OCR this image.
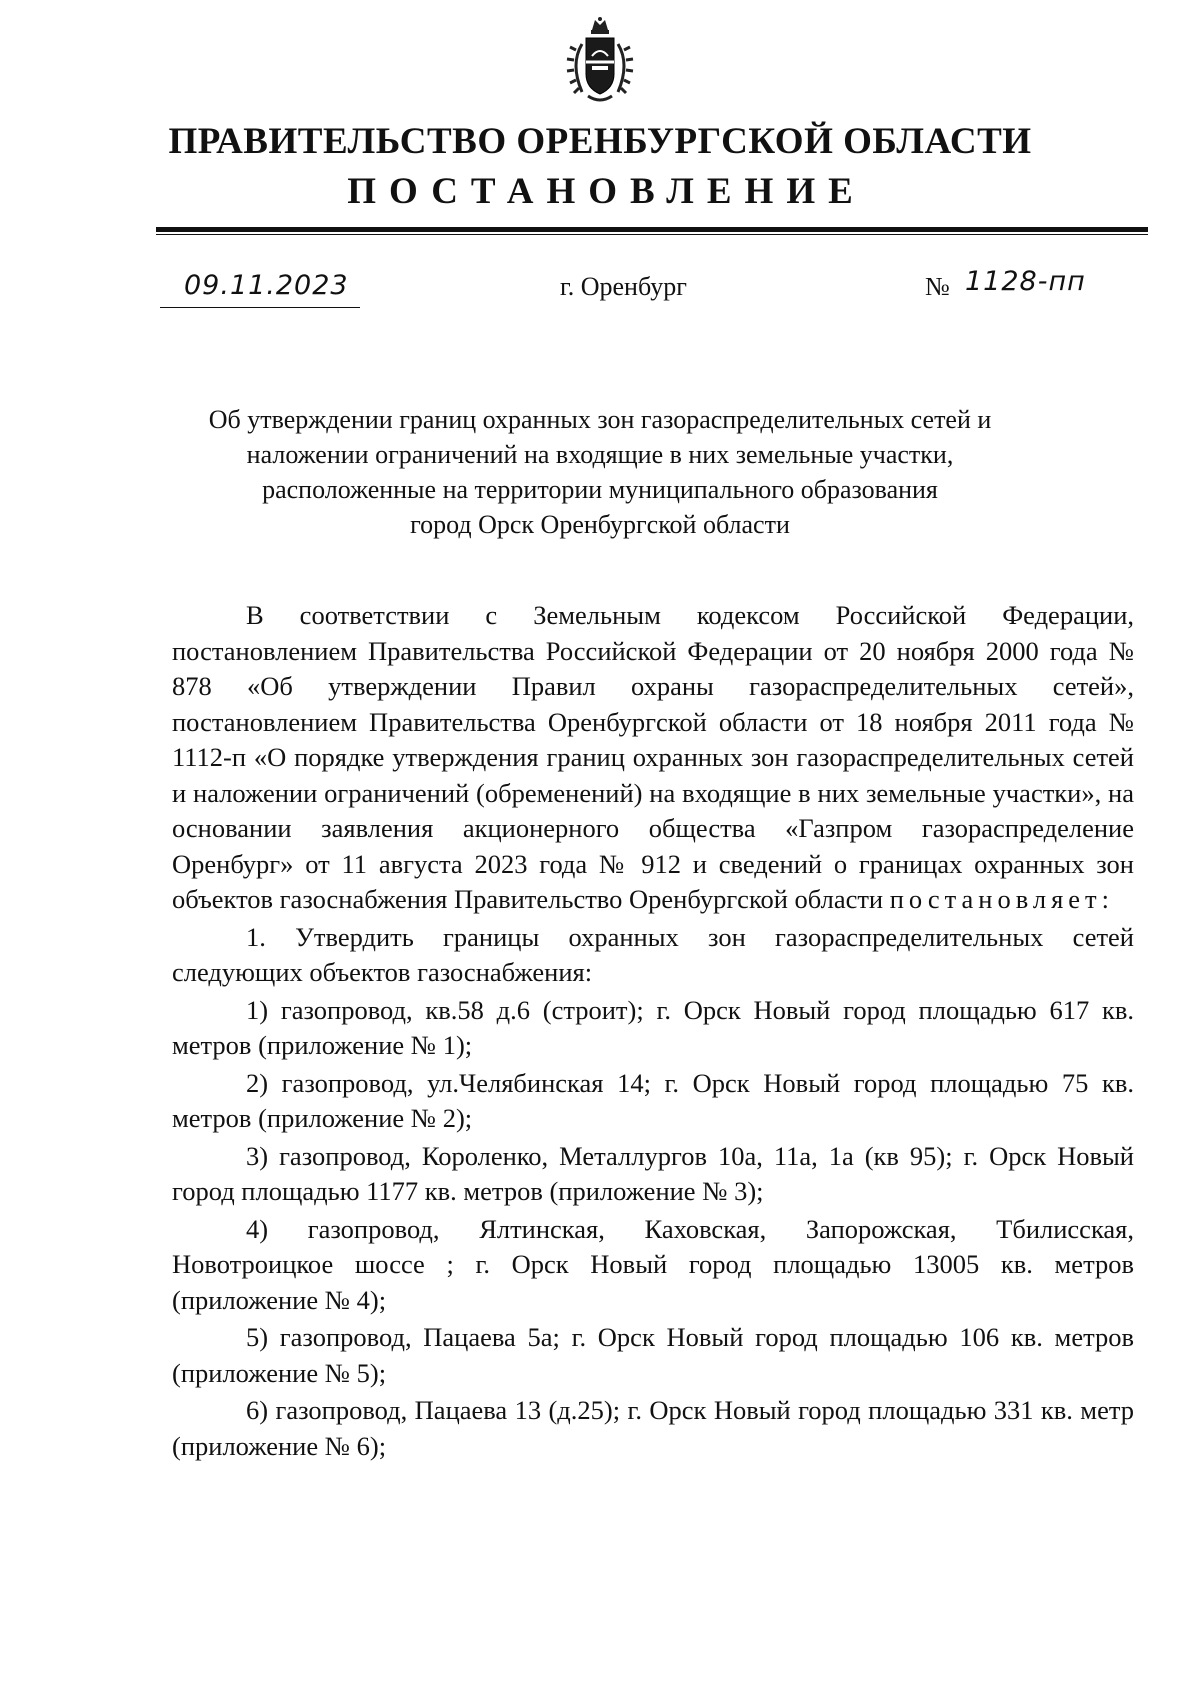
ПРАВИТЕЛЬСТВО ОРЕНБУРГСКОЙ ОБЛАСТИ
ПОСТАНОВЛЕНИЕ
09.11.2023	г. Оренбург	№ 1128-пп
Об утверждении границ охранных зон газораспределительных сетей и
наложении ограничений на входящие в них земельные участки,
расположенные на территории муниципального образования
город Орск Оренбургской области

В соответствии с Земельным кодексом Российской Федерации, постановлением Правительства Российской Федерации от 20 ноября 2000 года № 878 «Об утверждении Правил охраны газораспределительных сетей», постановлением Правительства Оренбургской области от 18 ноября 2011 года № 1112-п «О порядке утверждения границ охранных зон газораспределительных сетей и наложении ограничений (обременений) на входящие в них земельные участки», на основании заявления акционерного общества «Газпром газораспределение Оренбург» от 11 августа 2023 года № 912 и сведений о границах охранных зон объектов газоснабжения Правительство Оренбургской области постановляет:

1. Утвердить границы охранных зон газораспределительных сетей следующих объектов газоснабжения:

1) газопровод, кв.58 д.6 (строит); г. Орск Новый город площадью 617 кв. метров (приложение № 1);

2) газопровод, ул.Челябинская 14; г. Орск Новый город площадью 75 кв. метров (приложение № 2);

3) газопровод, Короленко, Металлургов 10а, 11а, 1а (кв 95); г. Орск Новый город площадью 1177 кв. метров (приложение № 3);

4) газопровод, Ялтинская, Каховская, Запорожская, Тбилисская, Новотроицкое шоссе ; г. Орск Новый город площадью 13005 кв. метров (приложение № 4);

5) газопровод, Пацаева 5а; г. Орск Новый город площадью 106 кв. метров (приложение № 5);

6) газопровод, Пацаева 13 (д.25); г. Орск Новый город площадью 331 кв. метр (приложение № 6);
